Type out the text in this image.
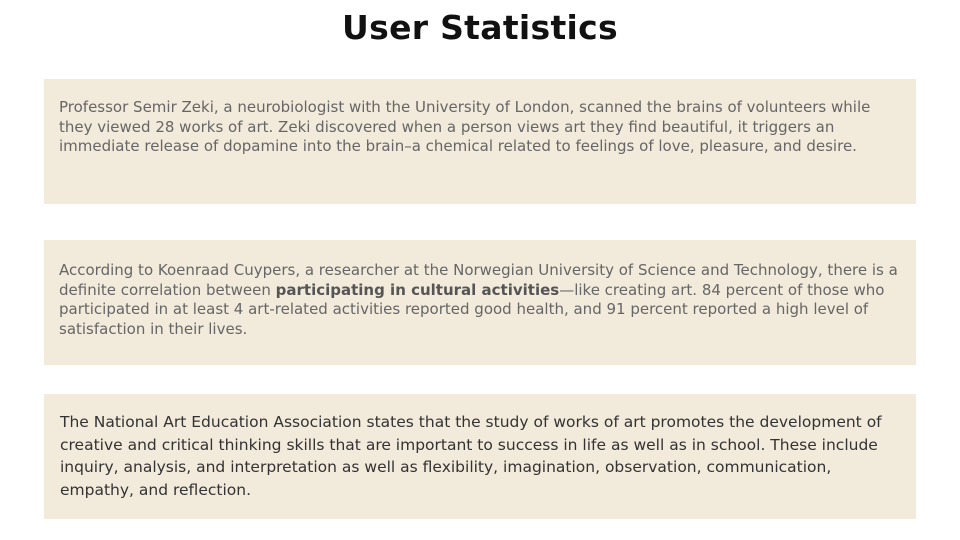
User Statistics

Professor Semir Zeki, a neurobiologist with the University of London, scanned the brains of volunteers while they viewed 28 works of art. Zeki discovered when a person views art they find beautiful, it triggers an immediate release of dopamine into the brain–a chemical related to feelings of love, pleasure, and desire.

According to Koenraad Cuypers, a researcher at the Norwegian University of Science and Technology, there is a definite correlation between participating in cultural activities—like creating art. 84 percent of those who participated in at least 4 art-related activities reported good health, and 91 percent reported a high level of satisfaction in their lives.

The National Art Education Association states that the study of works of art promotes the development of creative and critical thinking skills that are important to success in life as well as in school. These include inquiry, analysis, and interpretation as well as flexibility, imagination, observation, communication, empathy, and reflection.
